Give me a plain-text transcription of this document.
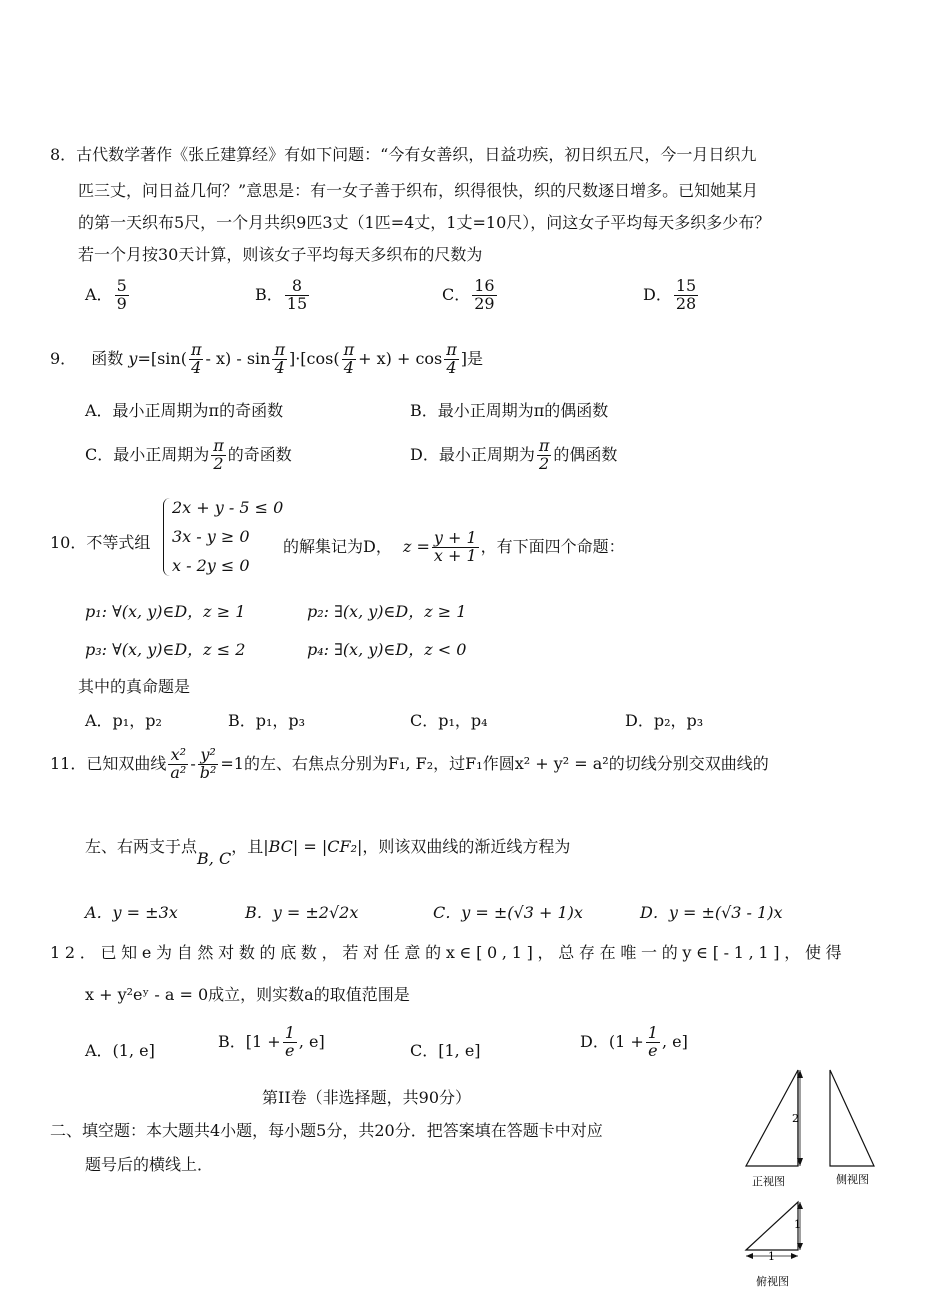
8．古代数学著作《张丘建算经》有如下问题：“今有女善织，日益功疾，初日织五尺，今一月日织九
匹三丈，问日益几何？”意思是：有一女子善于织布，织得很快，织的尺数逐日增多。已知她某月
的第一天织布5尺，一个月共织9匹3丈（1匹=4丈，1丈=10尺），问这女子平均每天多织多少布？
若一个月按30天计算，则该女子平均每天多织布的尺数为
A． $\frac{5}{9}$	B． $\frac{8}{15}$	C． $\frac{16}{29}$	D． $\frac{15}{28}$
9． 函数 $y=[\sin( \frac{\pi}{4} - x) - \sin \frac{\pi}{4} ]\cdot[\cos( \frac{\pi}{4} + x) + \cos \frac{\pi}{4}$ ]是
A．最小正周期为π的奇函数	B．最小正周期为π的偶函数
C．最小正周期为 $\frac{\pi}{2}$ 的奇函数	D．最小正周期为 $\frac{\pi}{2}$ 的偶函数
10．不等式组
2x + y - 5 ≤ 0
3x - y ≥ 0
x - 2y ≤ 0
的解集记为D， $z = \frac{y + 1}{x + 1}$ ，有下面四个命题：
p₁: ∀(x, y)∈D，z ≥ 1	p₂: ∃(x, y)∈D，z ≥ 1
p₃: ∀(x, y)∈D，z ≤ 2	p₄: ∃(x, y)∈D，z < 0
其中的真命题是
A．p₁，p₂	B．p₁，p₃	C．p₁，p₄	D．p₂，p₃
11．已知双曲线 $\frac{\text{x²}}{\text{a²}} - \frac{\text{y²}}{\text{b²}} =1$的左、右焦点分别为F₁, F₂，过F₁作圆x² + y² = a²的切线分别交双曲线的
左、右两支于点B, C，且|BC| = |CF₂|，则该双曲线的渐近线方程为
A．y = ±3x	B．y = ±2√2x	C．y = ±(√3 + 1)x	D．y = ±(√3 - 1)x
12．已知e为自然对数的底数，若对任意的x∈[0,1]，总存在唯一的y∈[-1,1]，使得
x + y²eʸ - a = 0成立，则实数a的取值范围是
A．(1, e]	B．[$1 + \frac{1}{e}$ , e]	C．[1, e]	D．($1 + \frac{1}{e}$ , e]
第II卷（非选择题，共90分）
二、填空题：本大题共4小题，每小题5分，共20分．把答案填在答题卡中对应
题号后的横线上．
2
正视图	侧视图
1
1
俯视图
